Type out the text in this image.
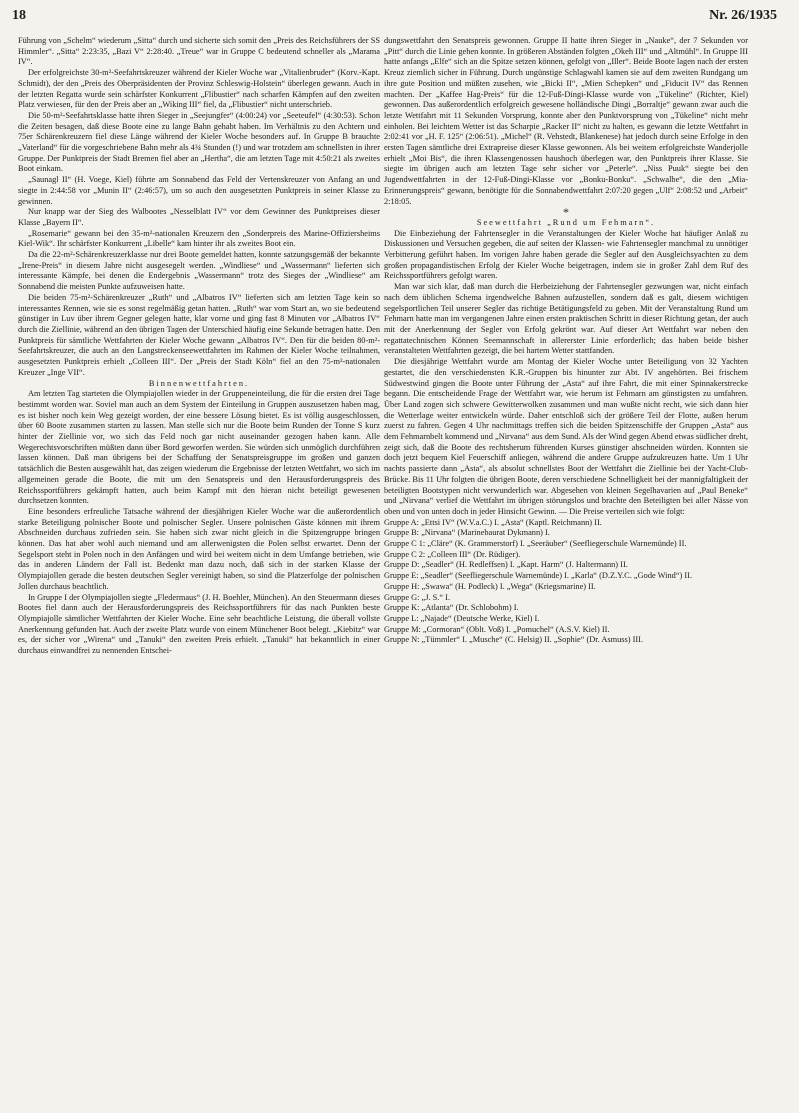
18	Nr. 26/1935

Führung von „Schelm“ wiederum „Sitta“ durch und sicherte sich somit den „Preis des Reichsführers der SS Himmler“. „Sitta“ 2:23:35, „Bazi V“ 2:28:40. „Treue“ war in Gruppe C bedeutend schneller als „Marama IV“.

Der erfolgreichste 30-m²-Seefahrtskreuzer während der Kieler Woche war „Vitalienbruder“ (Korv.-Kapt. Schmidt), der den „Preis des Oberpräsidenten der Provinz Schleswig-Holstein“ überlegen gewann. Auch in der letzten Regatta wurde sein schärfster Konkurrent „Flibustier“ nach scharfen Kämpfen auf den zweiten Platz verwiesen, für den der Preis aber an „Wiking III“ fiel, da „Flibustier“ nicht unterschrieb.

Die 50-m²-Seefahrtsklasse hatte ihren Sieger in „Seejungfer“ (4:00:24) vor „Seeteufel“ (4:30:53). Schon die Zeiten besagen, daß diese Boote eine zu lange Bahn gehabt haben. Im Verhältnis zu den Achtern und 75er Schärenkreuzern fiel diese Länge während der Kieler Woche besonders auf. In Gruppe B brauchte „Vaterland“ für die vorgeschriebene Bahn mehr als 4¾ Stunden (!) und war trotzdem am schnellsten in ihrer Gruppe. Der Punktpreis der Stadt Bremen fiel aber an „Hertha“, die am letzten Tage mit 4:50:21 als zweites Boot einkam.

„Saunagl II“ (H. Voege, Kiel) führte am Sonnabend das Feld der Vertenskreuzer von Anfang an und siegte in 2:44:58 vor „Munin II“ (2:46:57), um so auch den ausgesetzten Punktpreis in seiner Klasse zu gewinnen.

Nur knapp war der Sieg des Walbootes „Nesselblatt IV“ vor dem Gewinner des Punktpreises dieser Klasse „Bayern II“.

„Rosemarie“ gewann bei den 35-m²-nationalen Kreuzern den „Sonderpreis des Marine-Offiziersheims Kiel-Wik“. Ihr schärfster Konkurrent „Libelle“ kam hinter ihr als zweites Boot ein.

Da die 22-m²-Schärenkreuzerklasse nur drei Boote gemeldet hatten, konnte satzungsgemäß der bekannte „Irene-Preis“ in diesem Jahre nicht ausgesegelt werden. „Windliese“ und „Wassermann“ lieferten sich interessante Kämpfe, bei denen die Endergebnis „Wassermann“ trotz des Sieges der „Windliese“ am Sonnabend die meisten Punkte aufzuweisen hatte.

Die beiden 75-m²-Schärenkreuzer „Ruth“ und „Albatros IV“ lieferten sich am letzten Tage kein so interessantes Rennen, wie sie es sonst regelmäßig getan hatten. „Ruth“ war vom Start an, wo sie bedeutend günstiger in Luv über ihrem Gegner gelegen hatte, klar vorne und ging fast 8 Minuten vor „Albatros IV“ durch die Ziellinie, während an den übrigen Tagen der Unterschied häufig eine Sekunde betragen hatte. Den Punktpreis für sämtliche Wettfahrten der Kieler Woche gewann „Albatros IV“. Den für die beiden 80-m²-Seefahrtskreuzer, die auch an den Langstreckenseewettfahrten im Rahmen der Kieler Woche teilnahmen, ausgesetzten Punktpreis erhielt „Colleen III“. Der „Preis der Stadt Köln“ fiel an den 75-m²-nationalen Kreuzer „Inge VII“.

Binnenwettfahrten.

Am letzten Tag starteten die Olympiajollen wieder in der Gruppeneinteilung, die für die ersten drei Tage bestimmt worden war. Soviel man auch an dem System der Einteilung in Gruppen auszusetzen haben mag, es ist bisher noch kein Weg gezeigt worden, der eine bessere Lösung bietet. Es ist völlig ausgeschlossen, über 60 Boote zusammen starten zu lassen. Man stelle sich nur die Boote beim Runden der Tonne S kurz hinter der Ziellinie vor, wo sich das Feld noch gar nicht auseinander gezogen haben kann. Alle Wegerechtsvorschriften müßten dann über Bord geworfen werden. Sie würden sich unmöglich durchführen lassen können. Daß man übrigens bei der Schaffung der Senatspreisgruppe im großen und ganzen tatsächlich die Besten ausgewählt hat, das zeigen wiederum die Ergebnisse der letzten Wettfahrt, wo sich im allgemeinen gerade die Boote, die mit um den Senatspreis und den Herausforderungspreis des Reichssportführers gekämpft hatten, auch beim Kampf mit den hieran nicht beteiligt gewesenen durchsetzen konnten.

Eine besonders erfreuliche Tatsache während der diesjährigen Kieler Woche war die außerordentlich starke Beteiligung polnischer Boote und polnischer Segler. Unsere polnischen Gäste können mit ihrem Abschneiden durchaus zufrieden sein. Sie haben sich zwar nicht gleich in die Spitzengruppe bringen können. Das hat aber wohl auch niemand und am allerwenigsten die Polen selbst erwartet. Denn der Segelsport steht in Polen noch in den Anfängen und wird bei weitem nicht in dem Umfange betrieben, wie das in anderen Ländern der Fall ist. Bedenkt man dazu noch, daß sich in der starken Klasse der Olympiajollen gerade die besten deutschen Segler vereinigt haben, so sind die Platzerfolge der polnischen Jollen durchaus beachtlich.

In Gruppe I der Olympiajollen siegte „Fledermaus“ (J. H. Boehler, München). An den Steuermann dieses Bootes fiel dann auch der Herausforderungspreis des Reichssportführers für das nach Punkten beste Olympiajolle sämtlicher Wettfahrten der Kieler Woche. Eine sehr beachtliche Leistung, die überall vollste Anerkennung gefunden hat. Auch der zweite Platz wurde von einem Münchener Boot belegt. „Kiebitz“ war es, der sicher vor „Wirena“ und „Tanuki“ den zweiten Preis erhielt. „Tanuki“ hat bekanntlich in einer durchaus einwandfrei zu nennenden Entschei-

dungswettfahrt den Senatspreis gewonnen. Gruppe II hatte ihren Sieger in „Nauke“, der 7 Sekunden vor „Pitt“ durch die Linie gehen konnte. In größeren Abständen folgten „Okeh III“ und „Altmühl“. In Gruppe III hatte anfangs „Elfe“ sich an die Spitze setzen können, gefolgt von „Iller“. Beide Boote lagen nach der ersten Kreuz ziemlich sicher in Führung. Durch ungünstige Schlagwahl kamen sie auf dem zweiten Rundgang um ihre gute Position und müßten zusehen, wie „Bicki II“, „Mien Schepken“ und „Fiducit IV“ das Rennen machten. Der „Kaffee Hag-Preis“ für die 12-Fuß-Dingi-Klasse wurde von „Tükeline“ (Richter, Kiel) gewonnen. Das außerordentlich erfolgreich gewesene holländische Dingi „Borraltje“ gewann zwar auch die letzte Wettfahrt mit 11 Sekunden Vorsprung, konnte aber den Punktvorsprung von „Tükeline“ nicht mehr einholen. Bei leichtem Wetter ist das Scharpie „Racker II“ nicht zu halten, es gewann die letzte Wettfahrt in 2:02:41 vor „H. F. 125“ (2:06:51). „Michel“ (R. Vehstedt, Blankenese) hat jedoch durch seine Erfolge in den ersten Tagen sämtliche drei Extrapreise dieser Klasse gewonnen. Als bei weitem erfolgreichste Wanderjolle erhielt „Moi Bis“, die ihren Klassengenossen haushoch überlegen war, den Punktpreis ihrer Klasse. Sie siegte im übrigen auch am letzten Tage sehr sicher vor „Peterle“. „Niss Puuk“ siegte bei den Jugendwettfahrten in der 12-Fuß-Dingi-Klasse vor „Bonku-Bonku“. „Schwalbe“, die den „Mia-Erinnerungspreis“ gewann, benötigte für die Sonnabendwettfahrt 2:07:20 gegen „Ulf“ 2:08:52 und „Arbeit“ 2:18:05.

*

Seewettfahrt „Rund um Fehmarn“.

Die Einbeziehung der Fahrtensegler in die Veranstaltungen der Kieler Woche hat häufiger Anlaß zu Diskussionen und Versuchen gegeben, die auf seiten der Klassen- wie Fahrtensegler manchmal zu unnötiger Verbitterung geführt haben. Im vorigen Jahre haben gerade die Segler auf den Ausgleichsyachten zu dem großen propagandistischen Erfolg der Kieler Woche beigetragen, indem sie in großer Zahl dem Ruf des Reichssportführers gefolgt waren.

Man war sich klar, daß man durch die Herbeiziehung der Fahrtensegler gezwungen war, nicht einfach nach dem üblichen Schema irgendwelche Bahnen aufzustellen, sondern daß es galt, diesem wichtigen segelsportlichen Teil unserer Segler das richtige Betätigungsfeld zu geben. Mit der Veranstaltung Rund um Fehmarn hatte man im vergangenen Jahre einen ersten praktischen Schritt in dieser Richtung getan, der auch mit der Anerkennung der Segler von Erfolg gekrönt war. Auf dieser Art Wettfahrt war neben den regattatechnischen Können Seemannschaft in allererster Linie erforderlich; das haben beide bisher veranstalteten Wettfahrten gezeigt, die bei hartem Wetter stattfanden.

Die diesjährige Wettfahrt wurde am Montag der Kieler Woche unter Beteiligung von 32 Yachten gestartet, die den verschiedensten K.R.-Gruppen bis hinunter zur Abt. IV angehörten. Bei frischem Südwestwind gingen die Boote unter Führung der „Asta“ auf ihre Fahrt, die mit einer Spinnakerstrecke begann. Die entscheidende Frage der Wettfahrt war, wie herum ist Fehmarn am günstigsten zu umfahren. Über Land zogen sich schwere Gewitterwolken zusammen und man wußte nicht recht, wie sich dann hier die Wetterlage weiter entwickeln würde. Daher entschloß sich der größere Teil der Flotte, außen herum zuerst zu fahren. Gegen 4 Uhr nachmittags treffen sich die beiden Spitzenschiffe der Gruppen „Asta“ aus dem Fehmarnbelt kommend und „Nirvana“ aus dem Sund. Als der Wind gegen Abend etwas südlicher dreht, zeigt sich, daß die Boote des rechtsherum führenden Kurses günstiger abschneiden würden. Konnten sie doch jetzt bequem Kiel Feuerschiff anliegen, während die andere Gruppe aufzukreuzen hatte. Um 1 Uhr nachts passierte dann „Asta“, als absolut schnellstes Boot der Wettfahrt die Ziellinie bei der Yacht-Club-Brücke. Bis 11 Uhr folgten die übrigen Boote, deren verschiedene Schnelligkeit bei der mannigfaltigkeit der beteiligten Bootstypen nicht verwunderlich war. Abgesehen von kleinen Segelhavarien auf „Paul Beneke“ und „Nirvana“ verlief die Wettfahrt im übrigen störungslos und brachte den Beteiligten bei aller Nässe von oben und von unten doch in jeder Hinsicht Gewinn. — Die Preise verteilen sich wie folgt:

Gruppe A: „Ettsi IV“ (W.V.a.C.) I. „Asta“ (Kaptl. Reichmann) II.

Gruppe B: „Nirvana“ (Marinebaurat Dykmann) I.

Gruppe C 1: „Cläre“ (K. Grammerstorf) I. „Seeräuber“ (Seefliegerschule Warnemünde) II.

Gruppe C 2: „Colleen III“ (Dr. Rüdiger).

Gruppe D: „Seadler“ (H. Redleffsen) I. „Kapt. Harm“ (J. Haltermann) II.

Gruppe E: „Seadler“ (Seefliegerschule Warnemünde) I. „Karla“ (D.Z.Y.C. „Gode Wind“) II.

Gruppe H: „Swawa“ (H. Podleck) I. „Wega“ (Kriegsmarine) II.

Gruppe G: „J. S.“ I.

Gruppe K: „Atlanta“ (Dr. Schlobohm) I.

Gruppe L: „Najade“ (Deutsche Werke, Kiel) I.

Gruppe M: „Cormoran“ (Oblt. Voß) I. „Pomuchel“ (A.S.V. Kiel) II.

Gruppe N: „Tümmler“ I. „Musche“ (C. Helsig) II. „Sophie“ (Dr. Asmuss) III.
